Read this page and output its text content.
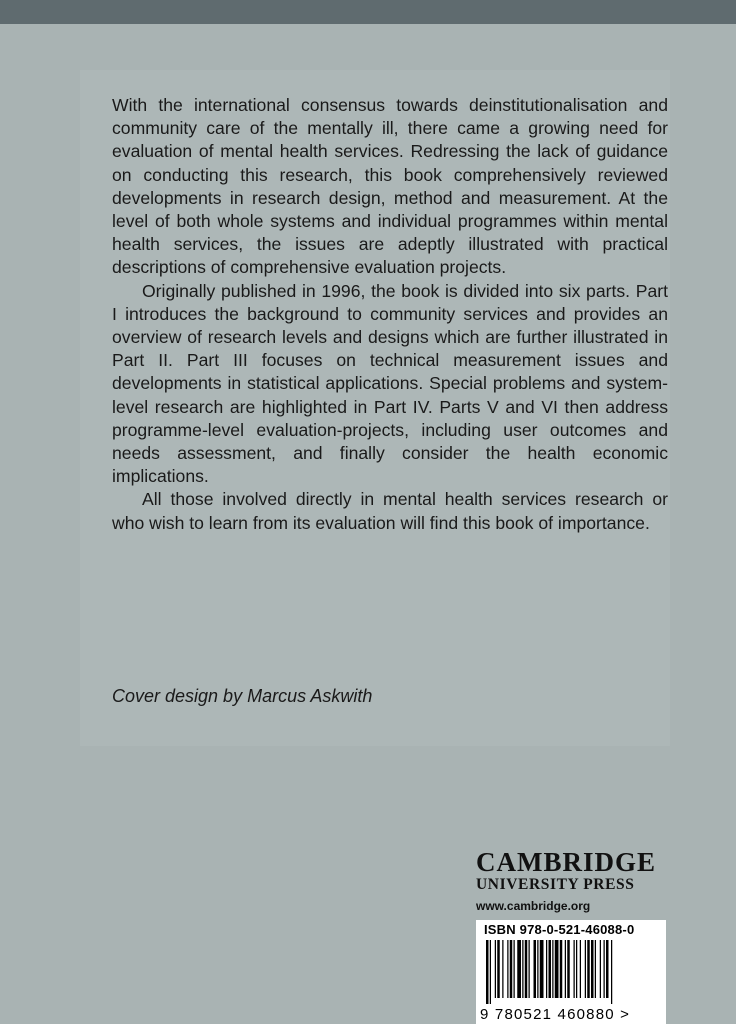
With the international consensus towards deinstitutionalisation and community care of the mentally ill, there came a growing need for evaluation of mental health services. Redressing the lack of guidance on conducting this research, this book comprehensively reviewed developments in research design, method and measurement. At the level of both whole systems and individual programmes within mental health services, the issues are adeptly illustrated with practical descriptions of comprehensive evaluation projects.

Originally published in 1996, the book is divided into six parts. Part I introduces the background to community services and provides an overview of research levels and designs which are further illustrated in Part II. Part III focuses on technical measurement issues and developments in statistical applications. Special problems and system-level research are highlighted in Part IV. Parts V and VI then address programme-level evaluation-projects, including user outcomes and needs assessment, and finally consider the health economic implications.

All those involved directly in mental health services research or who wish to learn from its evaluation will find this book of importance.

Cover design by Marcus Askwith
CAMBRIDGE
UNIVERSITY PRESS
www.cambridge.org
ISBN 978-0-521-46088-0
9 780521 460880 >
